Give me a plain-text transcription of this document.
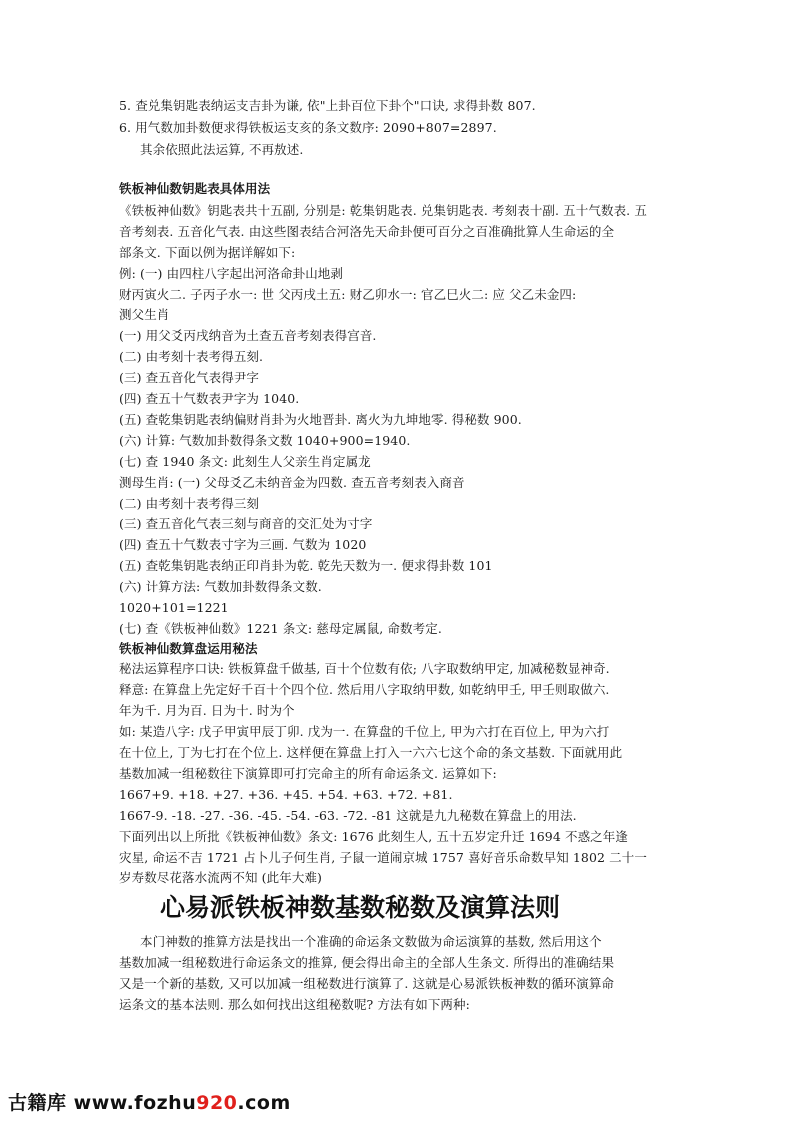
5. 查兑集钥匙表纳运支吉卦为谦, 依"上卦百位下卦个"口诀, 求得卦数 807.
6. 用气数加卦数便求得铁板运支亥的条文数序: 2090+807=2897.
其余依照此法运算, 不再敖述.
铁板神仙数钥匙表具体用法
《铁板神仙数》钥匙表共十五副, 分别是: 乾集钥匙表. 兑集钥匙表. 考刻表十副. 五十气数表. 五
音考刻表. 五音化气表. 由这些图表结合河洛先天命卦便可百分之百准确批算人生命运的全
部条文. 下面以例为据详解如下:
例: (一) 由四柱八字起出河洛命卦山地剥
财丙寅火二. 子丙子水一: 世 父丙戌土五: 财乙卯水一: 官乙巳火二: 应 父乙未金四:
测父生肖
(一) 用父爻丙戌纳音为土查五音考刻表得宫音.
(二) 由考刻十表考得五刻.
(三) 查五音化气表得尹字
(四) 查五十气数表尹字为 1040.
(五) 查乾集钥匙表纳偏财肖卦为火地晋卦. 离火为九坤地零. 得秘数 900.
(六) 计算: 气数加卦数得条文数 1040+900=1940.
(七) 查 1940 条文: 此刻生人父亲生肖定属龙
测母生肖: (一) 父母爻乙未纳音金为四数. 查五音考刻表入商音
(二) 由考刻十表考得三刻
(三) 查五音化气表三刻与商音的交汇处为寸字
(四) 查五十气数表寸字为三画. 气数为 1020
(五) 查乾集钥匙表纳正印肖卦为乾. 乾先天数为一. 便求得卦数 101
(六) 计算方法: 气数加卦数得条文数.
1020+101=1221
(七) 查《铁板神仙数》1221 条文: 慈母定属鼠, 命数考定.
铁板神仙数算盘运用秘法
秘法运算程序口诀: 铁板算盘千做基, 百十个位数有依; 八字取数纳甲定, 加减秘数显神奇.
释意: 在算盘上先定好千百十个四个位. 然后用八字取纳甲数, 如乾纳甲壬, 甲壬则取做六.
年为千. 月为百. 日为十. 时为个
如: 某造八字: 戊子甲寅甲辰丁卯. 戊为一. 在算盘的千位上, 甲为六打在百位上, 甲为六打
在十位上, 丁为七打在个位上. 这样便在算盘上打入一六六七这个命的条文基数. 下面就用此
基数加减一组秘数往下演算即可打完命主的所有命运条文. 运算如下:
1667+9. +18. +27. +36. +45. +54. +63. +72. +81.
1667-9. -18. -27. -36. -45. -54. -63. -72. -81 这就是九九秘数在算盘上的用法.
下面列出以上所批《铁板神仙数》条文: 1676 此刻生人, 五十五岁定升迁 1694 不惑之年逢
灾星, 命运不吉 1721 占卜儿子何生肖, 子鼠一道闹京城 1757 喜好音乐命数早知 1802 二十一
岁寿数尽花落水流两不知 (此年大难)
心易派铁板神数基数秘数及演算法则
本门神数的推算方法是找出一个准确的命运条文数做为命运演算的基数, 然后用这个
基数加减一组秘数进行命运条文的推算, 便会得出命主的全部人生条文. 所得出的准确结果
又是一个新的基数, 又可以加减一组秘数进行演算了. 这就是心易派铁板神数的循环演算命
运条文的基本法则. 那么如何找出这组秘数呢? 方法有如下两种:
古籍库 www.fozhu920.com
